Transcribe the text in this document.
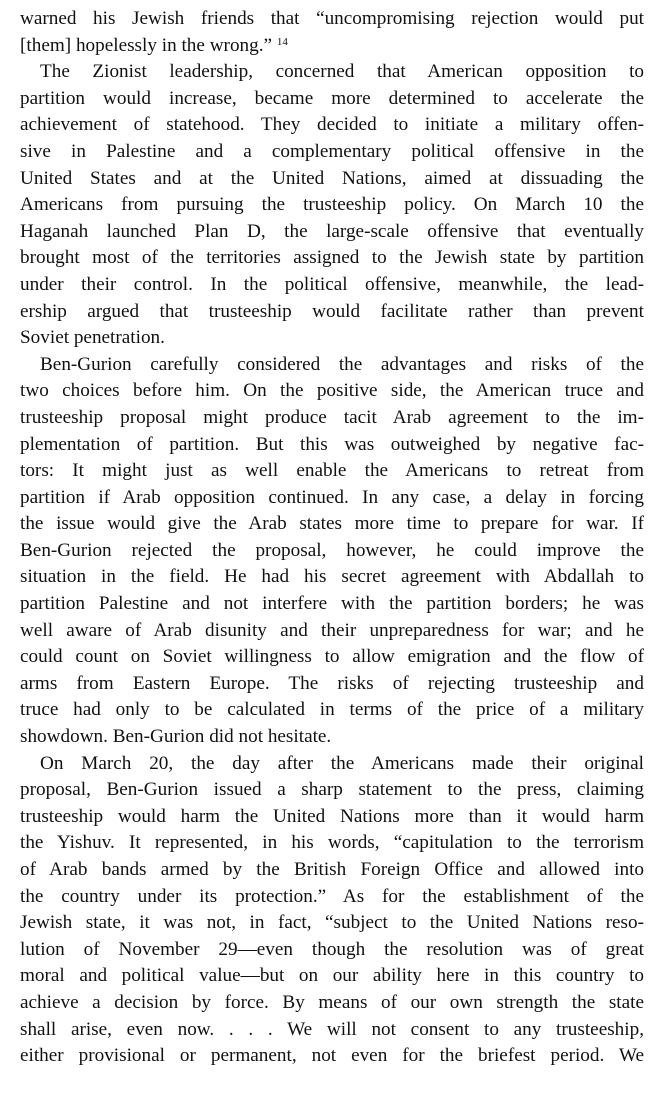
warned his Jewish friends that “uncompromising rejection would put
[them] hopelessly in the wrong.” $^{14}$
The Zionist leadership, concerned that American opposition to
partition would increase, became more determined to accelerate the
achievement of statehood. They decided to initiate a military offen-
sive in Palestine and a complementary political offensive in the
United States and at the United Nations, aimed at dissuading the
Americans from pursuing the trusteeship policy. On March 10 the
Haganah launched Plan D, the large-scale offensive that eventually
brought most of the territories assigned to the Jewish state by partition
under their control. In the political offensive, meanwhile, the lead-
ership argued that trusteeship would facilitate rather than prevent
Soviet penetration.
Ben-Gurion carefully considered the advantages and risks of the
two choices before him. On the positive side, the American truce and
trusteeship proposal might produce tacit Arab agreement to the im-
plementation of partition. But this was outweighed by negative fac-
tors: It might just as well enable the Americans to retreat from
partition if Arab opposition continued. In any case, a delay in forcing
the issue would give the Arab states more time to prepare for war. If
Ben-Gurion rejected the proposal, however, he could improve the
situation in the field. He had his secret agreement with Abdallah to
partition Palestine and not interfere with the partition borders; he was
well aware of Arab disunity and their unpreparedness for war; and he
could count on Soviet willingness to allow emigration and the flow of
arms from Eastern Europe. The risks of rejecting trusteeship and
truce had only to be calculated in terms of the price of a military
showdown. Ben-Gurion did not hesitate.
On March 20, the day after the Americans made their original
proposal, Ben-Gurion issued a sharp statement to the press, claiming
trusteeship would harm the United Nations more than it would harm
the Yishuv. It represented, in his words, “capitulation to the terrorism
of Arab bands armed by the British Foreign Office and allowed into
the country under its protection.” As for the establishment of the
Jewish state, it was not, in fact, “subject to the United Nations reso-
lution of November 29—even though the resolution was of great
moral and political value—but on our ability here in this country to
achieve a decision by force. By means of our own strength the state
shall arise, even now. . . . We will not consent to any trusteeship,
either provisional or permanent, not even for the briefest period. We
